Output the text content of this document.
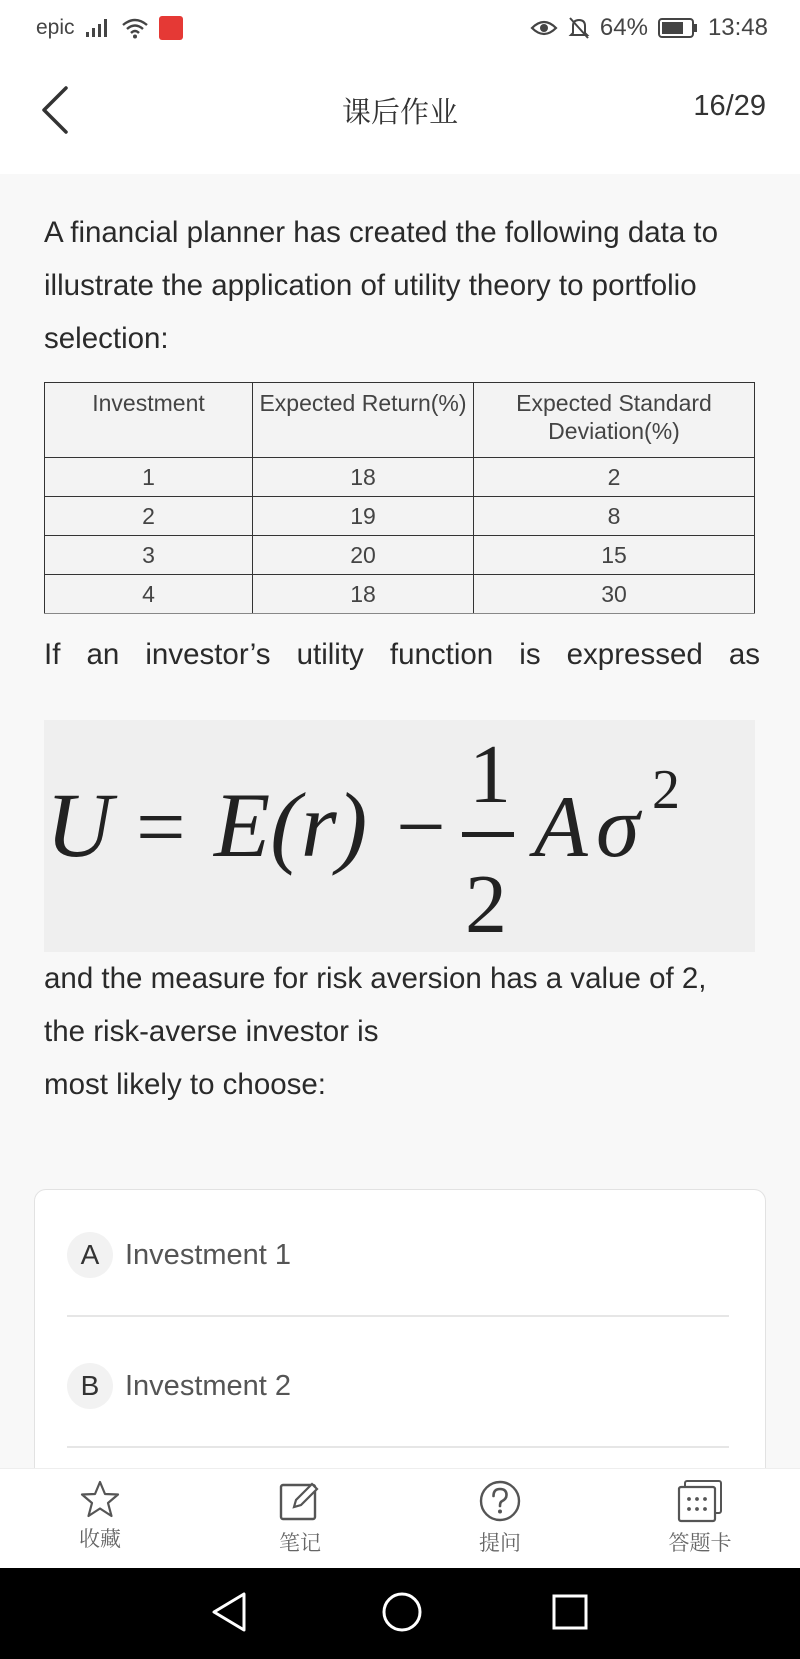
epic	64%	13:48
课后作业	16/29
A financial planner has created the following data to illustrate the application of utility theory to portfolio selection:
Investment	Expected Return(%)	Expected Standard Deviation(%)
1	18	2
2	19	8
3	20	15
4	18	30
If an investor’s utility function is expressed as
U = E(r) −
1
2
A σ 2
and the measure for risk aversion has a value of 2,
the risk-averse investor is
most likely to choose:
A Investment 1
B Investment 2
收藏	笔记	提问	答题卡
